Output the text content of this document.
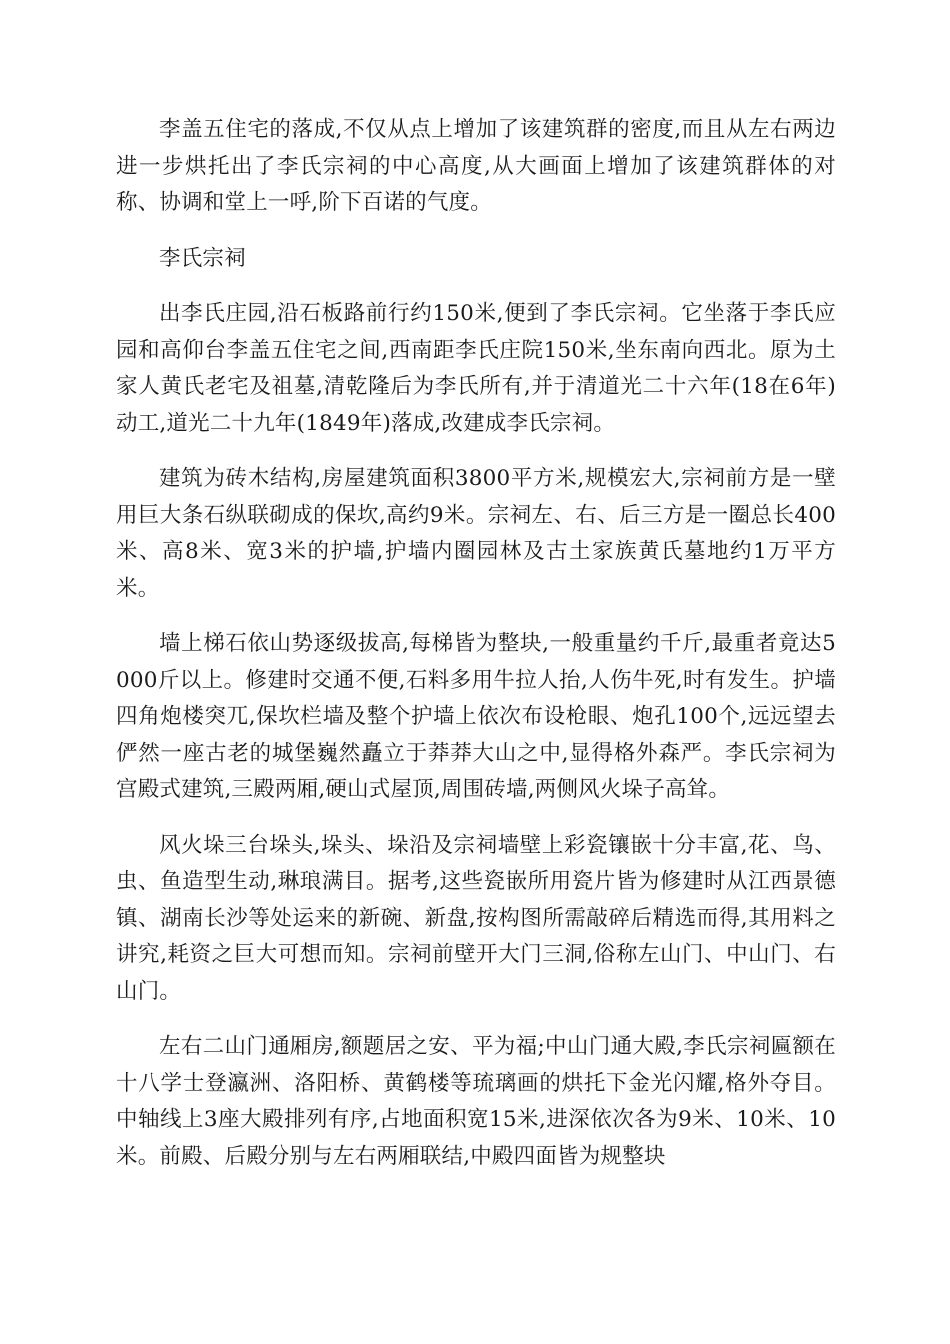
李盖五住宅的落成,不仅从点上增加了该建筑群的密度,而且从左右两边进一步烘托出了李氏宗祠的中心高度,从大画面上增加了该建筑群体的对称、协调和堂上一呼,阶下百诺的气度。

李氏宗祠

出李氏庄园,沿石板路前行约150米,便到了李氏宗祠。它坐落于李氏应园和高仰台李盖五住宅之间,西南距李氏庄院150米,坐东南向西北。原为土家人黄氏老宅及祖墓,清乾隆后为李氏所有,并于清道光二十六年(18在6年)动工,道光二十九年(1849年)落成,改建成李氏宗祠。

建筑为砖木结构,房屋建筑面积3800平方米,规模宏大,宗祠前方是一壁用巨大条石纵联砌成的保坎,高约9米。宗祠左、右、后三方是一圈总长400米、高8米、宽3米的护墙,护墙内圈园林及古土家族黄氏墓地约1万平方米。

墙上梯石依山势逐级拔高,每梯皆为整块,一般重量约千斤,最重者竟达5000斤以上。修建时交通不便,石料多用牛拉人抬,人伤牛死,时有发生。护墙四角炮楼突兀,保坎栏墙及整个护墙上依次布设枪眼、炮孔100个,远远望去俨然一座古老的城堡巍然矗立于莽莽大山之中,显得格外森严。李氏宗祠为宫殿式建筑,三殿两厢,硬山式屋顶,周围砖墙,两侧风火垛子高耸。

风火垛三台垛头,垛头、垛沿及宗祠墙壁上彩瓷镶嵌十分丰富,花、鸟、虫、鱼造型生动,琳琅满目。据考,这些瓷嵌所用瓷片皆为修建时从江西景德镇、湖南长沙等处运来的新碗、新盘,按构图所需敲碎后精选而得,其用料之讲究,耗资之巨大可想而知。宗祠前壁开大门三洞,俗称左山门、中山门、右山门。

左右二山门通厢房,额题居之安、平为福;中山门通大殿,李氏宗祠匾额在十八学士登瀛洲、洛阳桥、黄鹤楼等琉璃画的烘托下金光闪耀,格外夺目。中轴线上3座大殿排列有序,占地面积宽15米,进深依次各为9米、10米、10米。前殿、后殿分别与左右两厢联结,中殿四面皆为规整块
